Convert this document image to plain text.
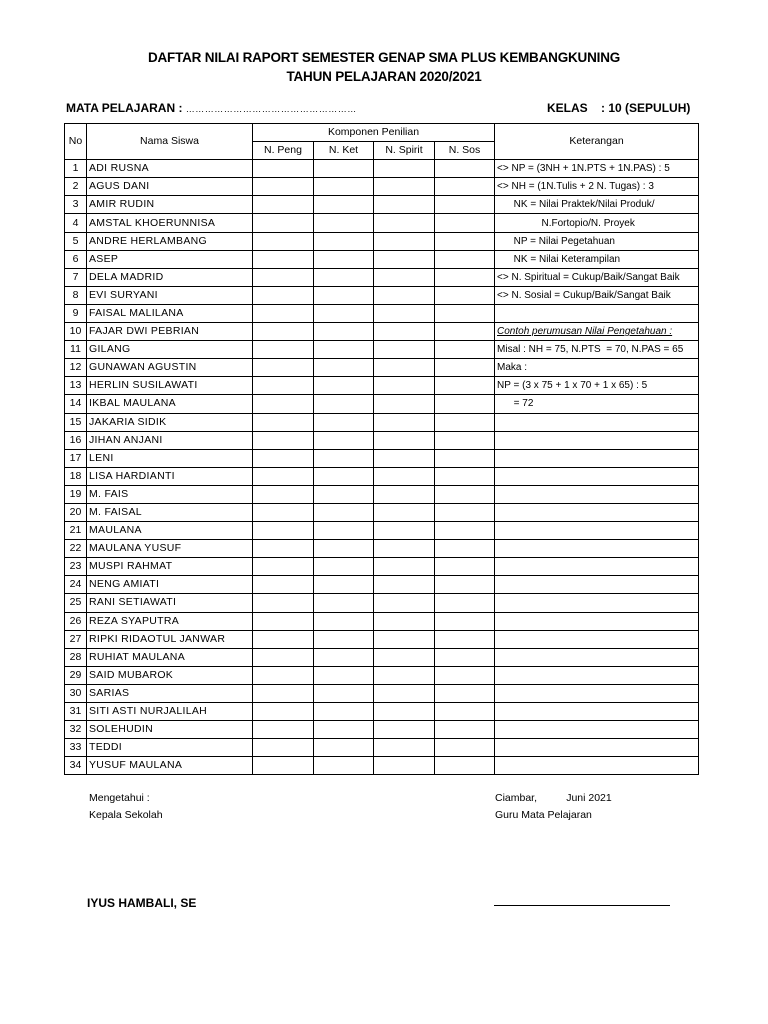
DAFTAR NILAI RAPORT SEMESTER GENAP SMA PLUS KEMBANGKUNING
TAHUN PELAJARAN 2020/2021
MATA PELAJARAN : ………………………………………………	KELAS : 10 (SEPULUH)
No	Nama Siswa	Komponen Penilian				Keterangan
		N. Peng	N. Ket	N. Spirit	N. Sos	
1	ADI RUSNA					<> NP = (3NH + 1N.PTS + 1N.PAS) : 5
2	AGUS DANI					<> NH = (1N.Tulis + 2 N. Tugas) : 3
3	AMIR RUDIN					NK = Nilai Praktek/Nilai Produk/
4	AMSTAL KHOERUNNISA					N.Fortopio/N. Proyek
5	ANDRE HERLAMBANG					NP = Nilai Pegetahuan
6	ASEP					NK = Nilai Keterampilan
7	DELA MADRID					<> N. Spiritual = Cukup/Baik/Sangat Baik
8	EVI SURYANI					<> N. Sosial = Cukup/Baik/Sangat Baik
9	FAISAL MALILANA					
10	FAJAR DWI PEBRIAN					Contoh perumusan Nilai Pengetahuan :
11	GILANG					Misal : NH = 75, N.PTS  = 70, N.PAS = 65
12	GUNAWAN AGUSTIN					Maka :
13	HERLIN SUSILAWATI					NP = (3 x 75 + 1 x 70 + 1 x 65) : 5
14	IKBAL MAULANA					= 72
15	JAKARIA SIDIK					
16	JIHAN ANJANI					
17	LENI					
18	LISA HARDIANTI					
19	M. FAIS					
20	M. FAISAL					
21	MAULANA					
22	MAULANA YUSUF					
23	MUSPI RAHMAT					
24	NENG AMIATI					
25	RANI SETIAWATI					
26	REZA SYAPUTRA					
27	RIPKI RIDAOTUL JANWAR					
28	RUHIAT MAULANA					
29	SAID MUBAROK					
30	SARIAS					
31	SITI ASTI NURJALILAH					
32	SOLEHUDIN					
33	TEDDI					
34	YUSUF MAULANA					
Mengetahui :
Kepala Sekolah
Ciambar,          Juni 2021
Guru Mata Pelajaran
IYUS HAMBALI, SE
